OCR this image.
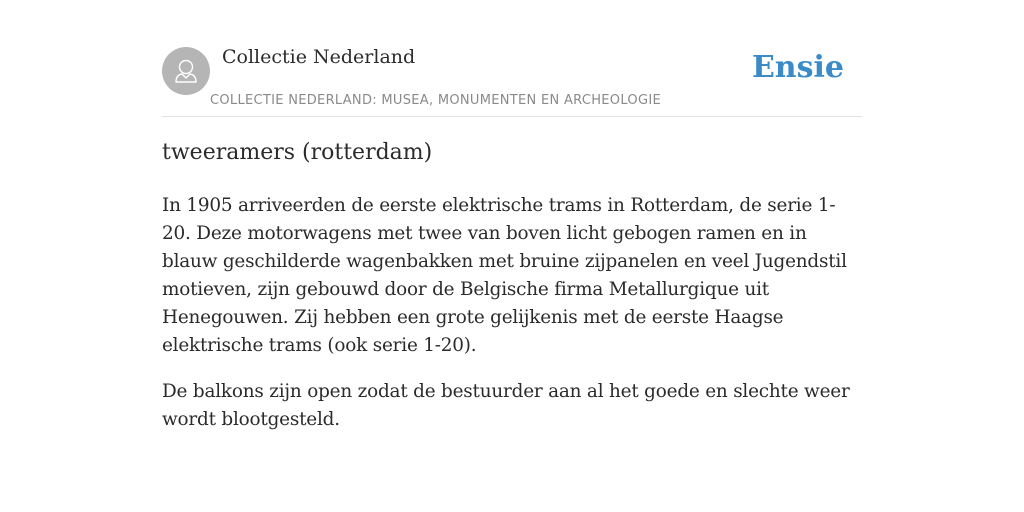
Collectie Nederland
COLLECTIE NEDERLAND: MUSEA, MONUMENTEN EN ARCHEOLOGIE
Ensie
tweeramers (rotterdam)

In 1905 arriveerden de eerste elektrische trams in Rotterdam, de serie 1-20. Deze motorwagens met twee van boven licht gebogen ramen en in blauw geschilderde wagenbakken met bruine zijpanelen en veel Jugendstil motieven, zijn gebouwd door de Belgische firma Metallurgique uit Henegouwen. Zij hebben een grote gelijkenis met de eerste Haagse elektrische trams (ook serie 1-20).

De balkons zijn open zodat de bestuurder aan al het goede en slechte weer wordt blootgesteld.
